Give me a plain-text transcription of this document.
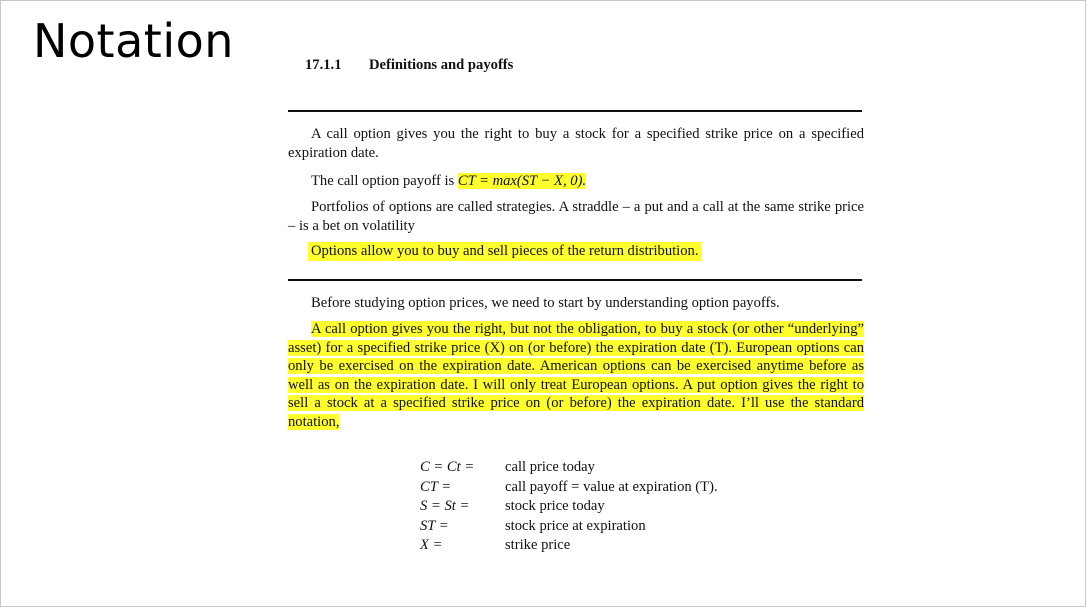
Notation	17.1.1 Definitions and payoffs
A call option gives you the right to buy a stock for a specified strike price on a specified expiration date.
The call option payoff is CT = max(ST − X, 0).
Portfolios of options are called strategies. A straddle – a put and a call at the same strike price – is a bet on volatility
Options allow you to buy and sell pieces of the return distribution.
Before studying option prices, we need to start by understanding option payoffs.
A call option gives you the right, but not the obligation, to buy a stock (or other “underlying” asset) for a specified strike price (X) on (or before) the expiration date (T). European options can only be exercised on the expiration date. American options can be exercised anytime before as well as on the expiration date. I will only treat European options. A put option gives the right to sell a stock at a specified strike price on (or before) the expiration date. I’ll use the standard notation,
C = Ct = call price today
CT =	call payoff = value at expiration (T).
S = St = stock price today
ST =	stock price at expiration
X =	strike price
